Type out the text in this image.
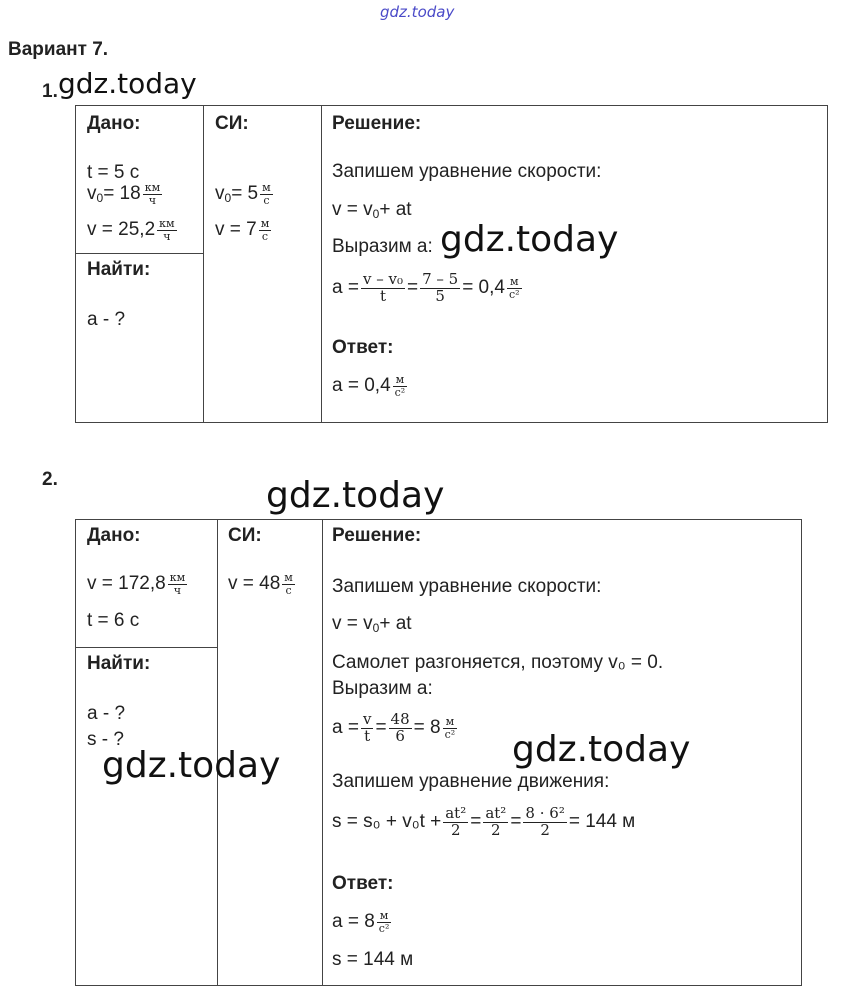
gdz.today
gdz.today
gdz.today
gdz.today
gdz.today
gdz.today
Вариант 7.
1.
Дано:
t = 5 c
v $0 = 18 \frac{км}{ч}$
$v = 25,2 \frac{км}{ч}$
Найти:
a - ?
СИ:
v $0 = 5 \frac{м}{с}$
$v = 7 \frac{м}{с}$
Решение:
Запишем уравнение скорости:
v = v 0 + at
Выразим a:
$a = \frac{\text{v – v₀}}{t} = \frac{7 - 5}{5} = 0,4 \frac{м}{\text{с²}}$
Ответ:
$a = 0,4 \frac{м}{\text{с²}}$
2.
Дано:
$v = 172,8 \frac{км}{ч}$
t = 6 c
Найти:
a - ?
s - ?
СИ:
$v = 48 \frac{м}{с}$
Решение:
Запишем уравнение скорости:
v = v 0 + at
Самолет разгоняется, поэтому v₀ = 0.
Выразим a:
$a = \frac{v}{t} = \frac{48}{6} = 8 \frac{м}{\text{с²}}$
Запишем уравнение движения:
$s = s_0 + v_0t + \frac{\text{at²}}{2} = \frac{\text{at²}}{2} = \frac{\text{8 · 6²}}{2} = 144$ м
Ответ:
$a = 8 \frac{м}{\text{с²}}$
s = 144 м
